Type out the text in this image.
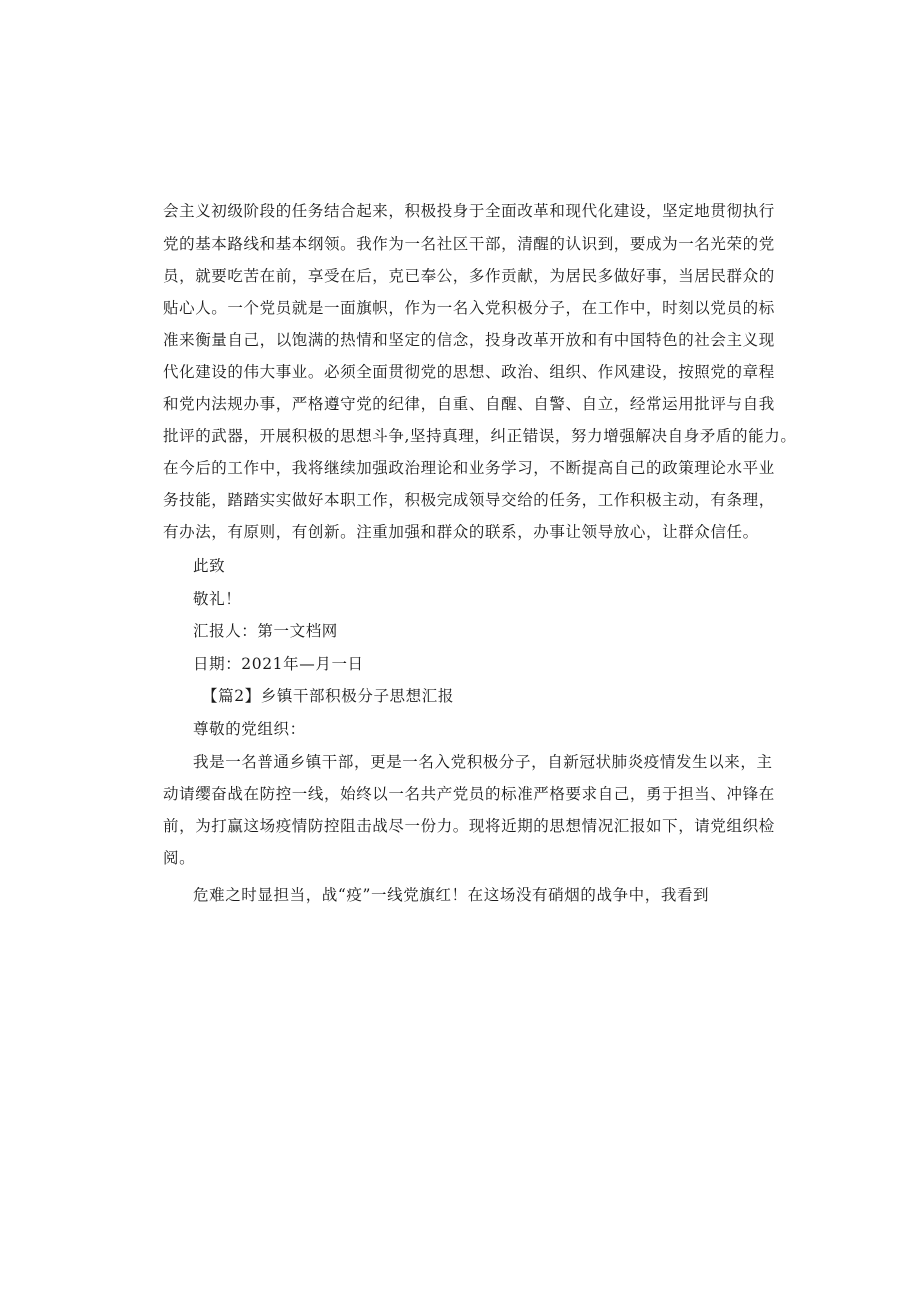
会主义初级阶段的任务结合起来，积极投身于全面改革和现代化建设，坚定地贯彻执行
党的基本路线和基本纲领。我作为一名社区干部，清醒的认识到，要成为一名光荣的党
员，就要吃苦在前，享受在后，克已奉公，多作贡献，为居民多做好事，当居民群众的
贴心人。一个党员就是一面旗帜，作为一名入党积极分子，在工作中，时刻以党员的标
准来衡量自己，以饱满的热情和坚定的信念，投身改革开放和有中国特色的社会主义现
代化建设的伟大事业。必须全面贯彻党的思想、政治、组织、作风建设，按照党的章程
和党内法规办事，严格遵守党的纪律，自重、自醒、自警、自立，经常运用批评与自我
批评的武器，开展积极的思想斗争,坚持真理，纠正错误，努力增强解决自身矛盾的能力。
在今后的工作中，我将继续加强政治理论和业务学习，不断提高自己的政策理论水平业
务技能，踏踏实实做好本职工作，积极完成领导交给的任务，工作积极主动，有条理，
有办法，有原则，有创新。注重加强和群众的联系，办事让领导放心，让群众信任。
此致
敬礼！
汇报人：第一文档网
日期：2021年—月一日
【篇2】乡镇干部积极分子思想汇报
尊敬的党组织：
我是一名普通乡镇干部，更是一名入党积极分子，自新冠状肺炎疫情发生以来，主
动请缨奋战在防控一线，始终以一名共产党员的标准严格要求自己，勇于担当、冲锋在
前，为打赢这场疫情防控阻击战尽一份力。现将近期的思想情况汇报如下，请党组织检
阅。
危难之时显担当，战“疫”一线党旗红！在这场没有硝烟的战争中，我看到
